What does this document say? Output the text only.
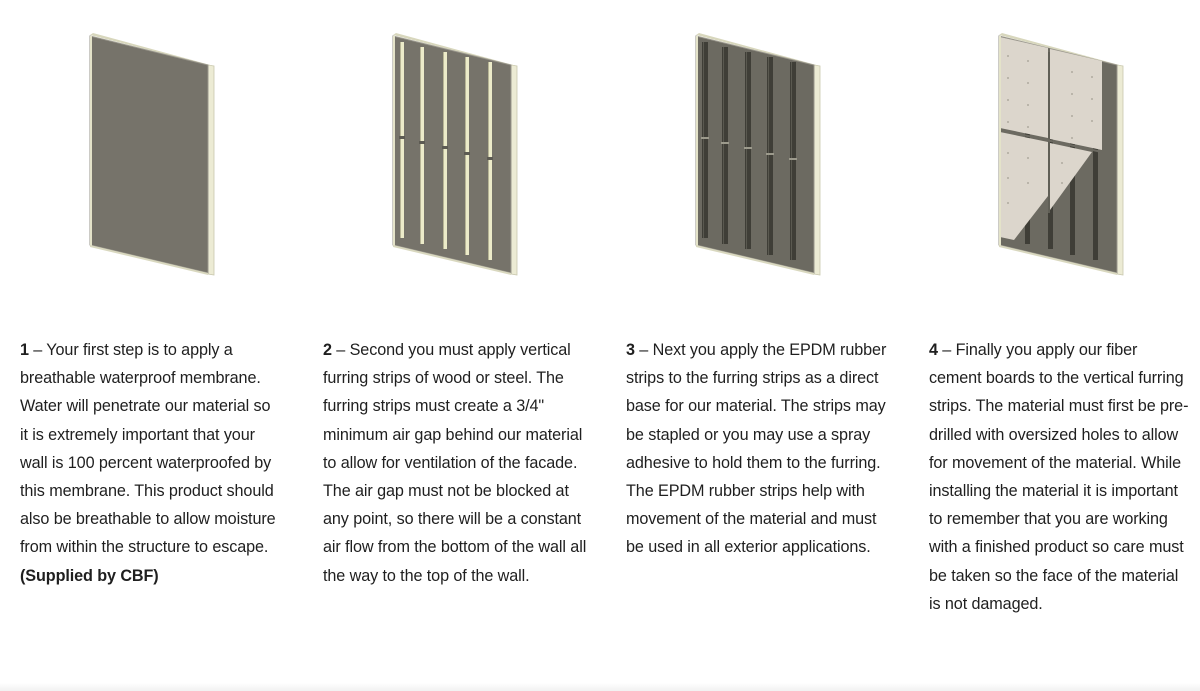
1 – Your first step is to apply a breathable waterproof membrane. Water will penetrate our material so it is extremely important that your wall is 100 percent waterproofed by this membrane. This product should also be breathable to allow moisture from within the structure to escape. (Supplied by CBF)

2 – Second you must apply vertical furring strips of wood or steel. The furring strips must create a 3/4" minimum air gap behind our material to allow for ventilation of the facade. The air gap must not be blocked at any point, so there will be a constant air flow from the bottom of the wall all the way to the top of the wall.

3 – Next you apply the EPDM rubber strips to the furring strips as a direct base for our material. The strips may be stapled or you may use a spray adhesive to hold them to the furring. The EPDM rubber strips help with movement of the material and must be used in all exterior applications.

4 – Finally you apply our fiber cement boards to the vertical furring strips. The material must first be pre-drilled with oversized holes to allow for movement of the material. While installing the material it is important to remember that you are working with a finished product so care must be taken so the face of the material is not damaged.
